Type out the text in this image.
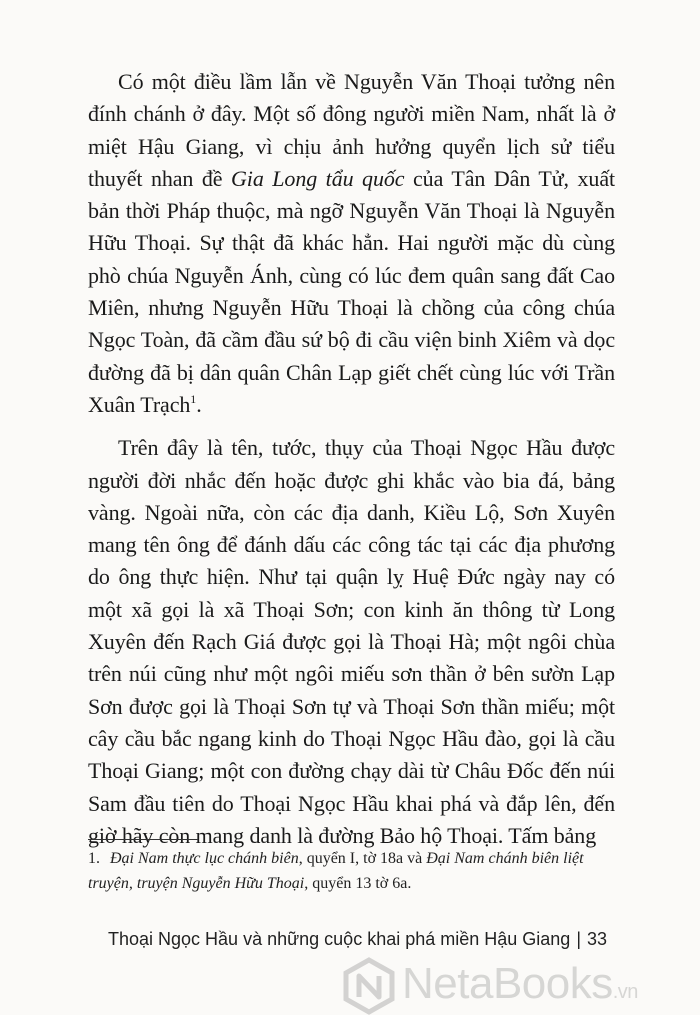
Có một điều lầm lẫn về Nguyễn Văn Thoại tưởng nên đính chánh ở đây. Một số đông người miền Nam, nhất là ở miệt Hậu Giang, vì chịu ảnh hưởng quyển lịch sử tiểu thuyết nhan đề Gia Long tẩu quốc của Tân Dân Tử, xuất bản thời Pháp thuộc, mà ngỡ Nguyễn Văn Thoại là Nguyễn Hữu Thoại. Sự thật đã khác hẳn. Hai người mặc dù cùng phò chúa Nguyễn Ánh, cùng có lúc đem quân sang đất Cao Miên, nhưng Nguyễn Hữu Thoại là chồng của công chúa Ngọc Toàn, đã cầm đầu sứ bộ đi cầu viện binh Xiêm và dọc đường đã bị dân quân Chân Lạp giết chết cùng lúc với Trần Xuân Trạch$^1$.

Trên đây là tên, tước, thụy của Thoại Ngọc Hầu được người đời nhắc đến hoặc được ghi khắc vào bia đá, bảng vàng. Ngoài nữa, còn các địa danh, Kiều Lộ, Sơn Xuyên mang tên ông để đánh dấu các công tác tại các địa phương do ông thực hiện. Như tại quận lỵ Huệ Đức ngày nay có một xã gọi là xã Thoại Sơn; con kinh ăn thông từ Long Xuyên đến Rạch Giá được gọi là Thoại Hà; một ngôi chùa trên núi cũng như một ngôi miếu sơn thần ở bên sườn Lạp Sơn được gọi là Thoại Sơn tự và Thoại Sơn thần miếu; một cây cầu bắc ngang kinh do Thoại Ngọc Hầu đào, gọi là cầu Thoại Giang; một con đường chạy dài từ Châu Đốc đến núi Sam đầu tiên do Thoại Ngọc Hầu khai phá và đắp lên, đến giờ hãy còn mang danh là đường Bảo hộ Thoại. Tấm bảng

1. Đại Nam thực lục chánh biên, quyển I, tờ 18a và Đại Nam chánh biên liệt truyện, truyện Nguyễn Hữu Thoại, quyển 13 tờ 6a.
Thoại Ngọc Hầu và những cuộc khai phá miền Hậu Giang | 33
NetaBooks.vn
